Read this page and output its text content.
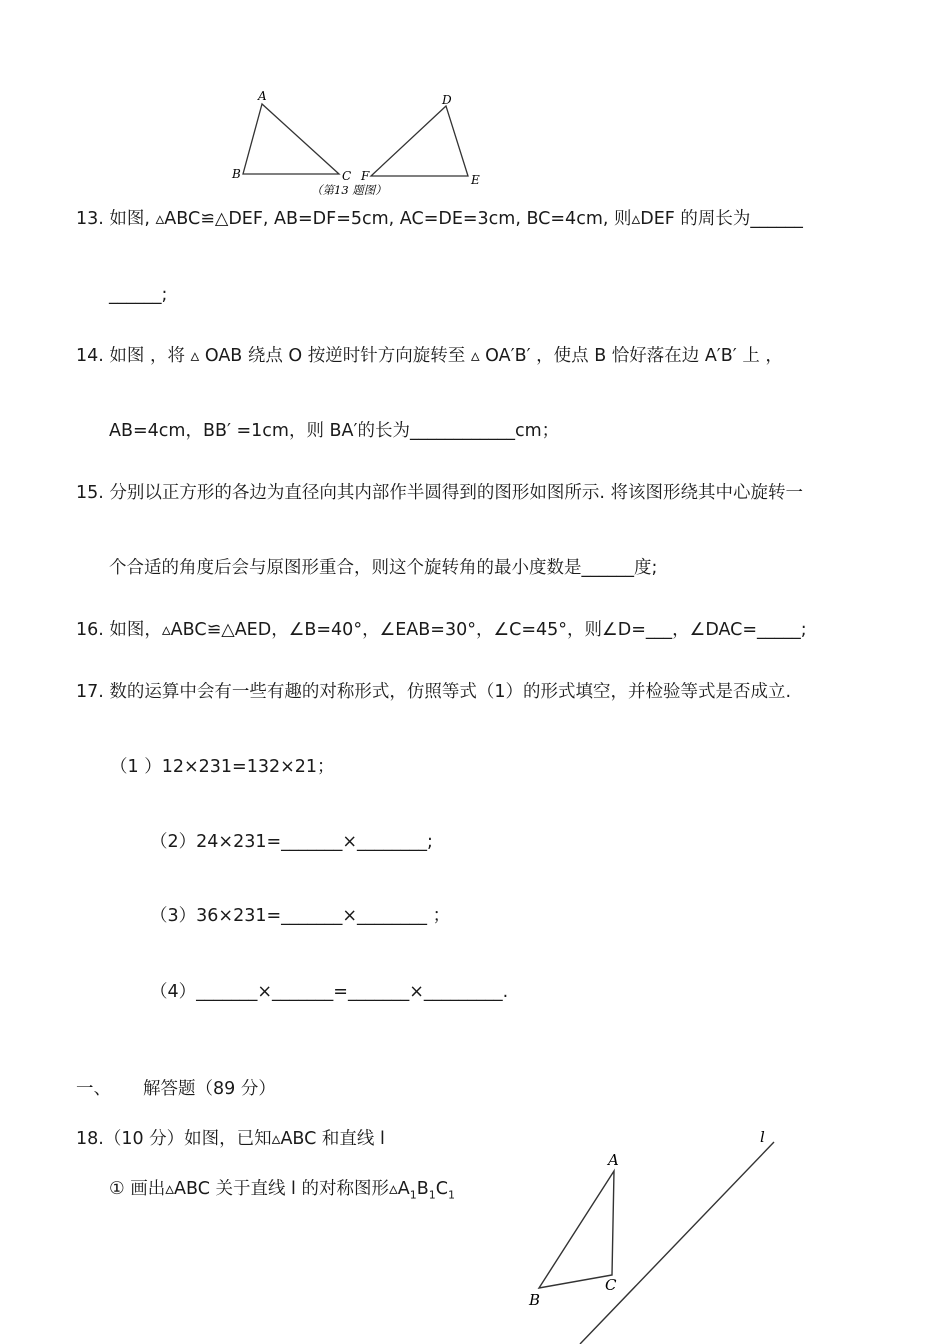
A
B	C F
D
E
（第13 题图）
13. 如图, ▵ABC≌△DEF, AB=DF=5cm, AC=DE=3cm, BC=4cm, 则▵DEF 的周长为______
______;
14. 如图 ，将 ▵ OAB 绕点 O 按逆时针方向旋转至 ▵ OA′B′ ，使点 B 恰好落在边 A′B′ 上 ，
AB=4cm，BB′ =1cm，则 BA′的长为____________cm；
15. 分别以正方形的各边为直径向其内部作半圆得到的图形如图所示. 将该图形绕其中心旋转一
个合适的角度后会与原图形重合，则这个旋转角的最小度数是______度;
16. 如图，▵ABC≌△AED，∠B=40°，∠EAB=30°，∠C=45°，则∠D=___，∠DAC=_____;
17. 数的运算中会有一些有趣的对称形式，仿照等式（1）的形式填空，并检验等式是否成立.
（1 ）12×231=132×21；
（2）24×231=_______×________;
（3）36×231=_______×________ ；
（4）_______×_______=_______×_________.
一、 解答题（89 分）
18.（10 分）如图，已知▵ABC 和直线 l
① 画出▵ABC 关于直线 l 的对称图形$▵A_1B_1C_1$
l
A
B
C
